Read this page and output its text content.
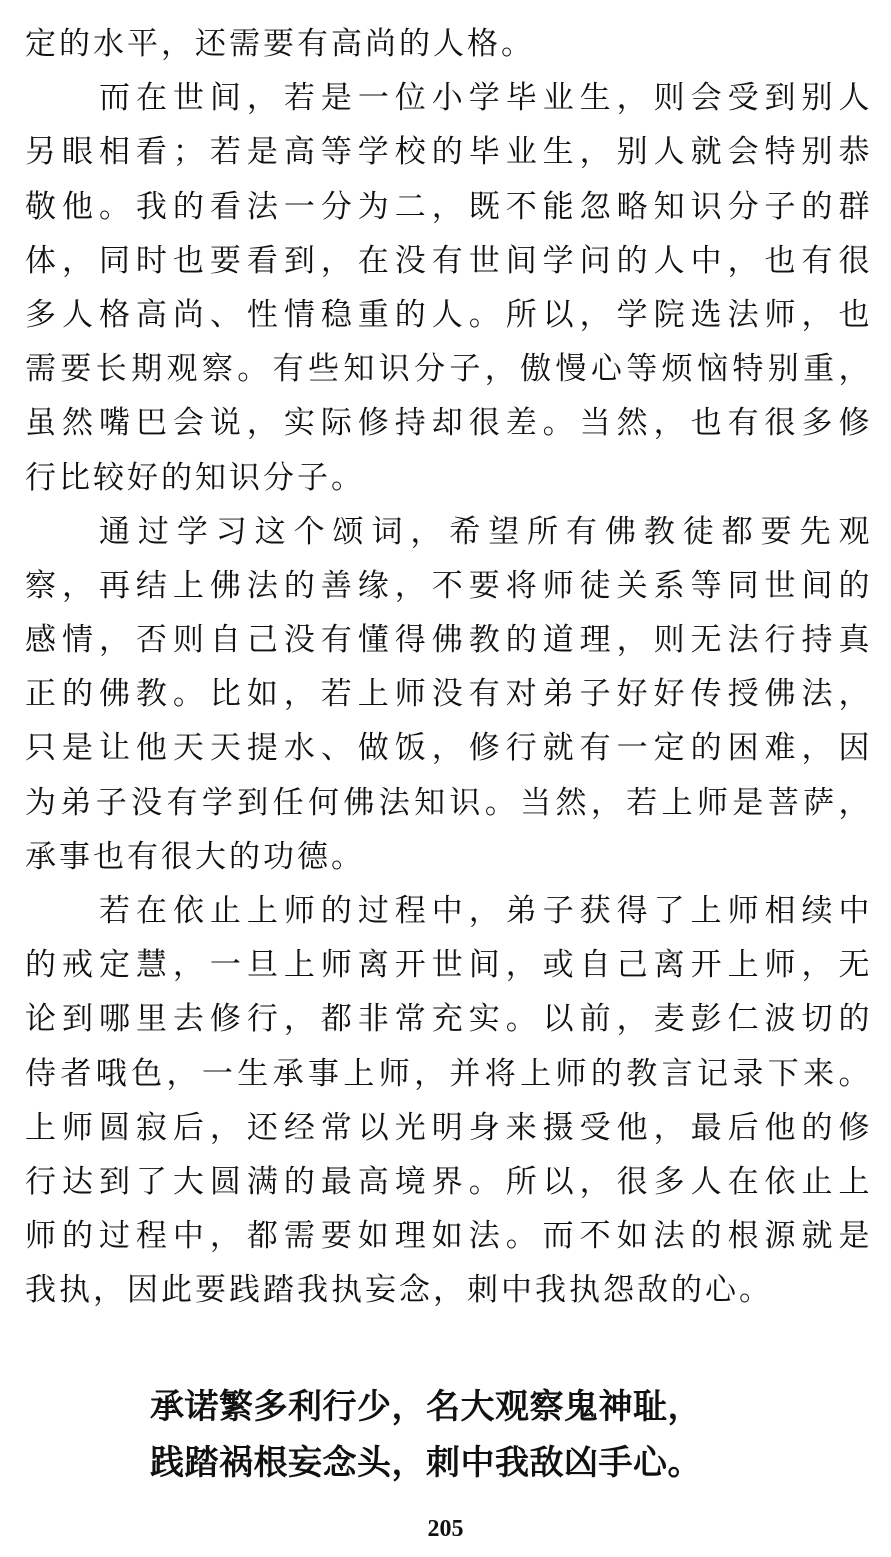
定的水平，还需要有高尚的人格。
而在世间，若是一位小学毕业生，则会受到别人
另眼相看；若是高等学校的毕业生，别人就会特别恭
敬他。我的看法一分为二，既不能忽略知识分子的群
体，同时也要看到，在没有世间学问的人中，也有很
多人格高尚、性情稳重的人。所以，学院选法师，也
需要长期观察。有些知识分子，傲慢心等烦恼特别重，
虽然嘴巴会说，实际修持却很差。当然，也有很多修
行比较好的知识分子。
通过学习这个颂词，希望所有佛教徒都要先观
察，再结上佛法的善缘，不要将师徒关系等同世间的
感情，否则自己没有懂得佛教的道理，则无法行持真
正的佛教。比如，若上师没有对弟子好好传授佛法，
只是让他天天提水、做饭，修行就有一定的困难，因
为弟子没有学到任何佛法知识。当然，若上师是菩萨，
承事也有很大的功德。
若在依止上师的过程中，弟子获得了上师相续中
的戒定慧，一旦上师离开世间，或自己离开上师，无
论到哪里去修行，都非常充实。以前，麦彭仁波切的
侍者哦色，一生承事上师，并将上师的教言记录下来。
上师圆寂后，还经常以光明身来摄受他，最后他的修
行达到了大圆满的最高境界。所以，很多人在依止上
师的过程中，都需要如理如法。而不如法的根源就是
我执，因此要践踏我执妄念，刺中我执怨敌的心。
承诺繁多利行少，名大观察鬼神耻，
践踏祸根妄念头，刺中我敌凶手心。
205
